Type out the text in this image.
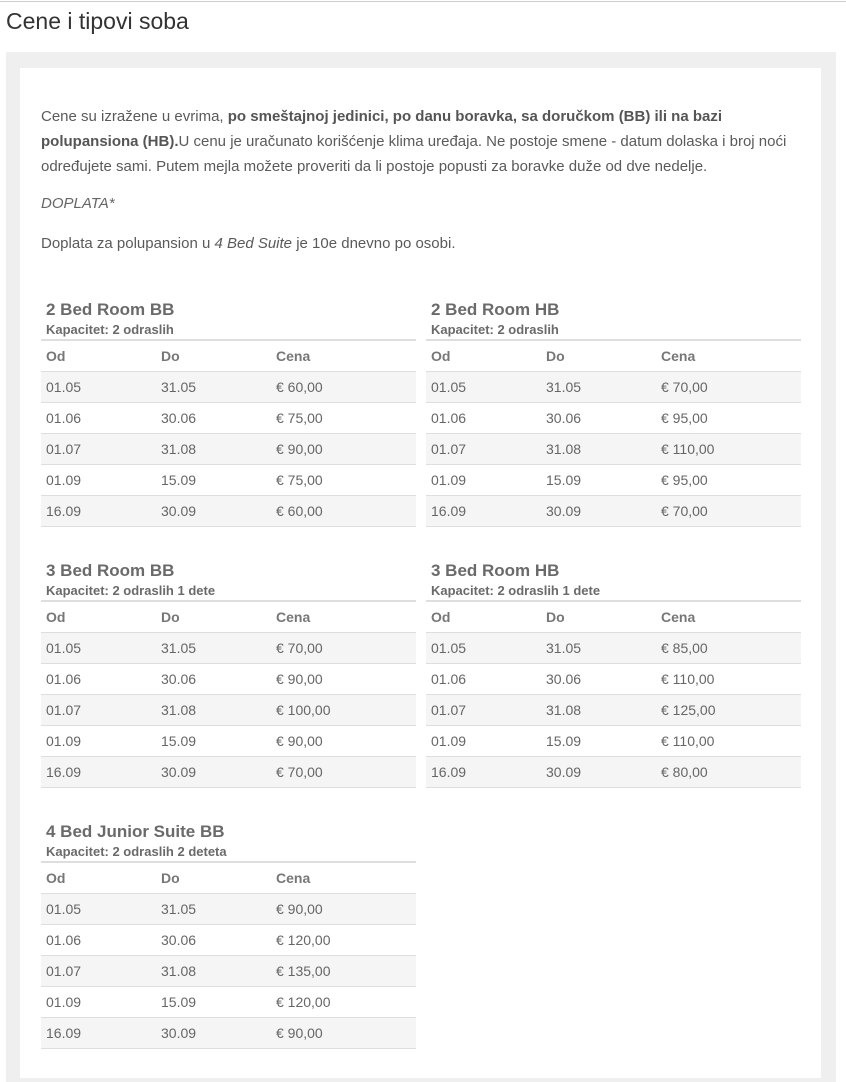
Cene i tipovi soba

Cene su izražene u evrima, po smeštajnoj jedinici, po danu boravka, sa doručkom (BB) ili na bazi polupansiona (HB).U cenu je uračunato korišćenje klima uređaja. Ne postoje smene - datum dolaska i broj noći određujete sami. Putem mejla možete proveriti da li postoje popusti za boravke duže od dve nedelje.

DOPLATA*

Doplata za polupansion u 4 Bed Suite je 10e dnevno po osobi.

2 Bed Room BB

Kapacitet: 2 odraslih

Od	Do	Cena
01.05	31.05	€ 60,00
01.06	30.06	€ 75,00
01.07	31.08	€ 90,00
01.09	15.09	€ 75,00
16.09	30.09	€ 60,00
2 Bed Room HB

Kapacitet: 2 odraslih

Od	Do	Cena
01.05	31.05	€ 70,00
01.06	30.06	€ 95,00
01.07	31.08	€ 110,00
01.09	15.09	€ 95,00
16.09	30.09	€ 70,00
3 Bed Room BB

Kapacitet: 2 odraslih 1 dete

Od	Do	Cena
01.05	31.05	€ 70,00
01.06	30.06	€ 90,00
01.07	31.08	€ 100,00
01.09	15.09	€ 90,00
16.09	30.09	€ 70,00
3 Bed Room HB

Kapacitet: 2 odraslih 1 dete

Od	Do	Cena
01.05	31.05	€ 85,00
01.06	30.06	€ 110,00
01.07	31.08	€ 125,00
01.09	15.09	€ 110,00
16.09	30.09	€ 80,00
4 Bed Junior Suite BB

Kapacitet: 2 odraslih 2 deteta

Od	Do	Cena
01.05	31.05	€ 90,00
01.06	30.06	€ 120,00
01.07	31.08	€ 135,00
01.09	15.09	€ 120,00
16.09	30.09	€ 90,00
